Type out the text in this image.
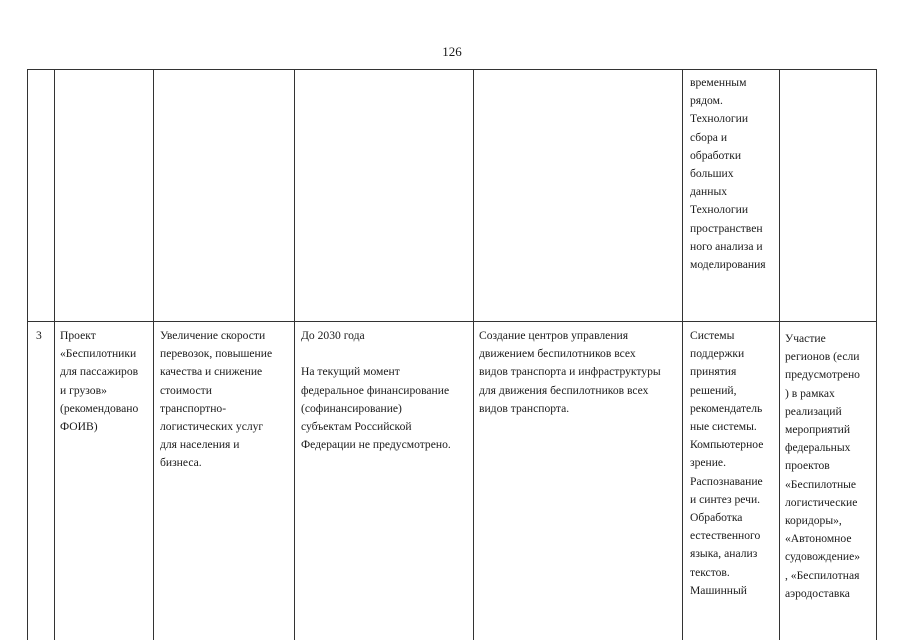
126

временным
рядом.
Технологии
сбора и
обработки
больших
данных
Технологии
пространствен
ного анализа и
моделирования

3	Проект
«Беспилотники
для пассажиров
и грузов»
(рекомендовано
ФОИВ)

Увеличение скорости
перевозок, повышение
качества и снижение
стоимости
транспортно-
логистических услуг
для населения и
бизнеса.

До 2030 года

На текущий момент
федеральное финансирование
(софинансирование)
субъектам Российской
Федерации не предусмотрено.

Создание центров управления
движением беспилотников всех
видов транспорта и инфраструктуры
для движения беспилотников всех
видов транспорта.

Системы
поддержки
принятия
решений,
рекомендатель
ные системы.
Компьютерное
зрение.
Распознавание
и синтез речи.
Обработка
естественного
языка, анализ
текстов.
Машинный

Участие
регионов (если
предусмотрено
) в рамках
реализаций
мероприятий
федеральных
проектов
«Беспилотные
логистические
коридоры»,
«Автономное
судовождение»
, «Беспилотная
аэродоставка
